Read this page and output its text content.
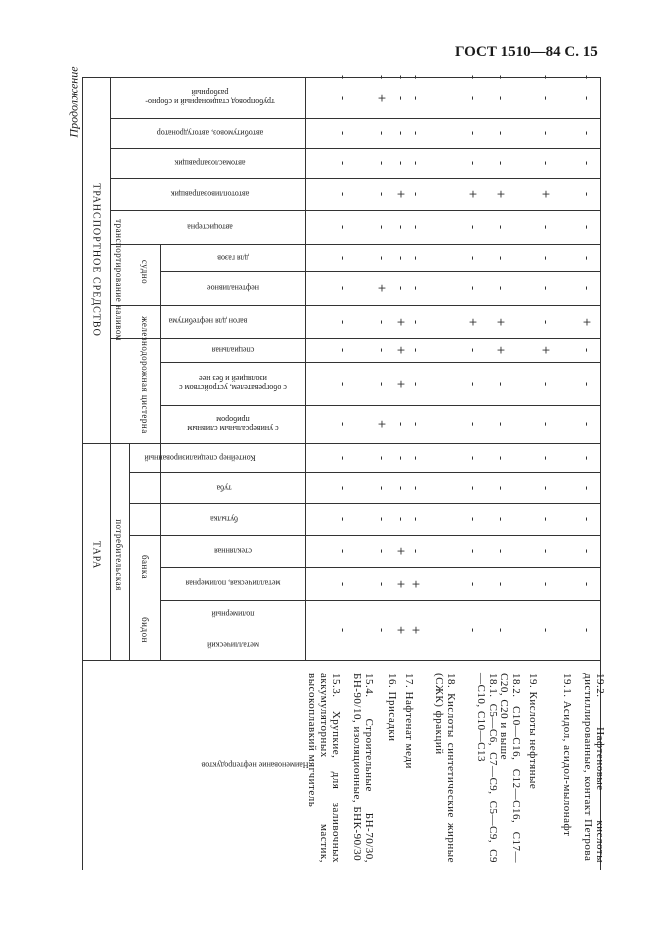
ГОСТ 1510—84 С. 15
Продолжение
ТАРА потребительская
бидон
банка
ТРАНСПОРТНОЕ СРЕДСТВО транспортирование наливом
железнодорожная цистерна
судно
Наименование нефтепродуктов
металлический
полимерный
металлическая, полимерная
стеклянная
бутылка
туба
Контейнер специализированный
с универсальным сливным прибором
с обогревателем, устройством с изоляцией и без нее
специальная
вагон для нефтебитума
нефтеналивное
для газов
автоцистерна
автотопливозаправщик
автомаслозаправщик
автобитумовоз, автогудронатор
трубопровод стационарный и сборно-разборный
15.3. Хрупкие, для заливочных аккумуляторных мастик, высокоплавкий мягчитель
-
-
-
-
-
-
-
-
-
-
-
-
-
-
-
-
-
-
15.4. Строительные БН-70/30, БН-90/10, изоляционные, БНК-90/30
-
-
-
-
-
-
+
-
-
-
+
-
-
-
-
-
+
-
16. Присадки
+
+
+
-
-
-
-
+
+
+
-
-
-
+
-
-
-
-
17. Нафтенат меди
+
+
-
-
-
-
-
-
-
-
-
-
-
-
-
-
-
-
18. Кислоты синтетические жирные (СЖК) фракций	18.1. С5—С6, С7—С9, С5—С9, С9—С10, С10—С13
-
-
-
-
-
-
-
-
-
+
-
-
-
+
-
-
-
-
18.2. С10—С16, С12—С16, С17—С20, С20 и выше
-
-
-
-
-
-
-
-
+
+
-
-
-
+
-
-
-
-
19. Кислоты нефтяные 19.1. Асидол, асидол-мылонафт
-
-
-
-
-
-
-
-
+
-
-
-
-
+
-
-
-
-
19.2. Нафтеновые кислоты дистиллированные, контакт Петрова
-
-
-
-
-
-
-
-
-
+
-
-
-
-
-
-
-
-
